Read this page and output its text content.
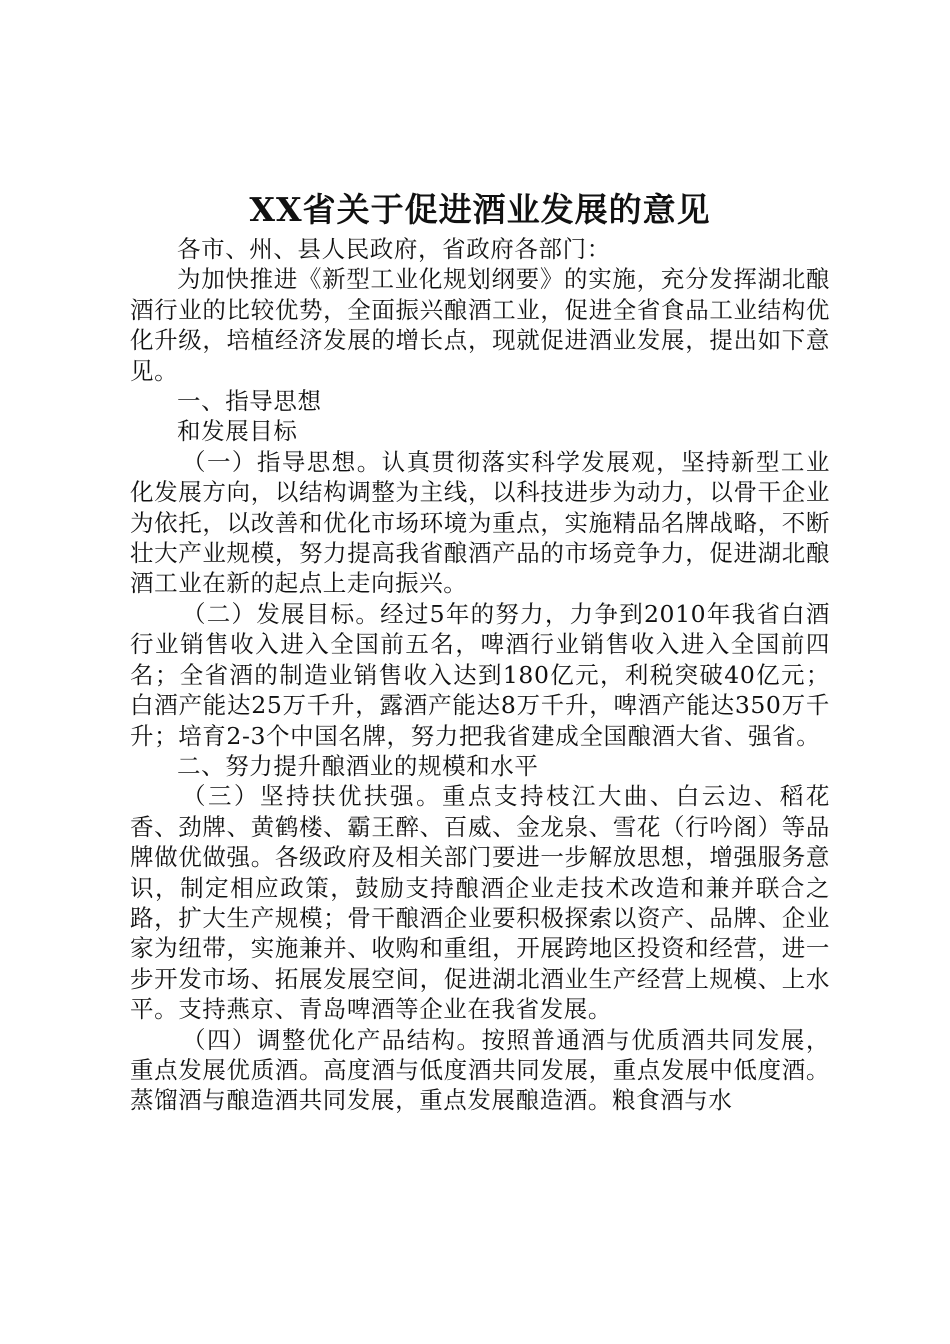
XX省关于促进酒业发展的意见

各市、州、县人民政府，省政府各部门：

为加快推进《新型工业化规划纲要》的实施，充分发挥湖北酿酒行业的比较优势，全面振兴酿酒工业，促进全省食品工业结构优化升级，培植经济发展的增长点，现就促进酒业发展，提出如下意见。

一、指导思想

和发展目标

（一）指导思想。认真贯彻落实科学发展观，坚持新型工业化发展方向，以结构调整为主线，以科技进步为动力，以骨干企业为依托，以改善和优化市场环境为重点，实施精品名牌战略，不断壮大产业规模，努力提高我省酿酒产品的市场竞争力，促进湖北酿酒工业在新的起点上走向振兴。

（二）发展目标。经过5年的努力，力争到2010年我省白酒行业销售收入进入全国前五名，啤酒行业销售收入进入全国前四名；全省酒的制造业销售收入达到180亿元，利税突破40亿元；白酒产能达25万千升，露酒产能达8万千升，啤酒产能达350万千升；培育2-3个中国名牌，努力把我省建成全国酿酒大省、强省。

二、努力提升酿酒业的规模和水平

（三）坚持扶优扶强。重点支持枝江大曲、白云边、稻花香、劲牌、黄鹤楼、霸王醉、百威、金龙泉、雪花（行吟阁）等品牌做优做强。各级政府及相关部门要进一步解放思想，增强服务意识，制定相应政策，鼓励支持酿酒企业走技术改造和兼并联合之路，扩大生产规模；骨干酿酒企业要积极探索以资产、品牌、企业家为纽带，实施兼并、收购和重组，开展跨地区投资和经营，进一步开发市场、拓展发展空间，促进湖北酒业生产经营上规模、上水平。支持燕京、青岛啤酒等企业在我省发展。

（四）调整优化产品结构。按照普通酒与优质酒共同发展，重点发展优质酒。高度酒与低度酒共同发展，重点发展中低度酒。蒸馏酒与酿造酒共同发展，重点发展酿造酒。粮食酒与水
